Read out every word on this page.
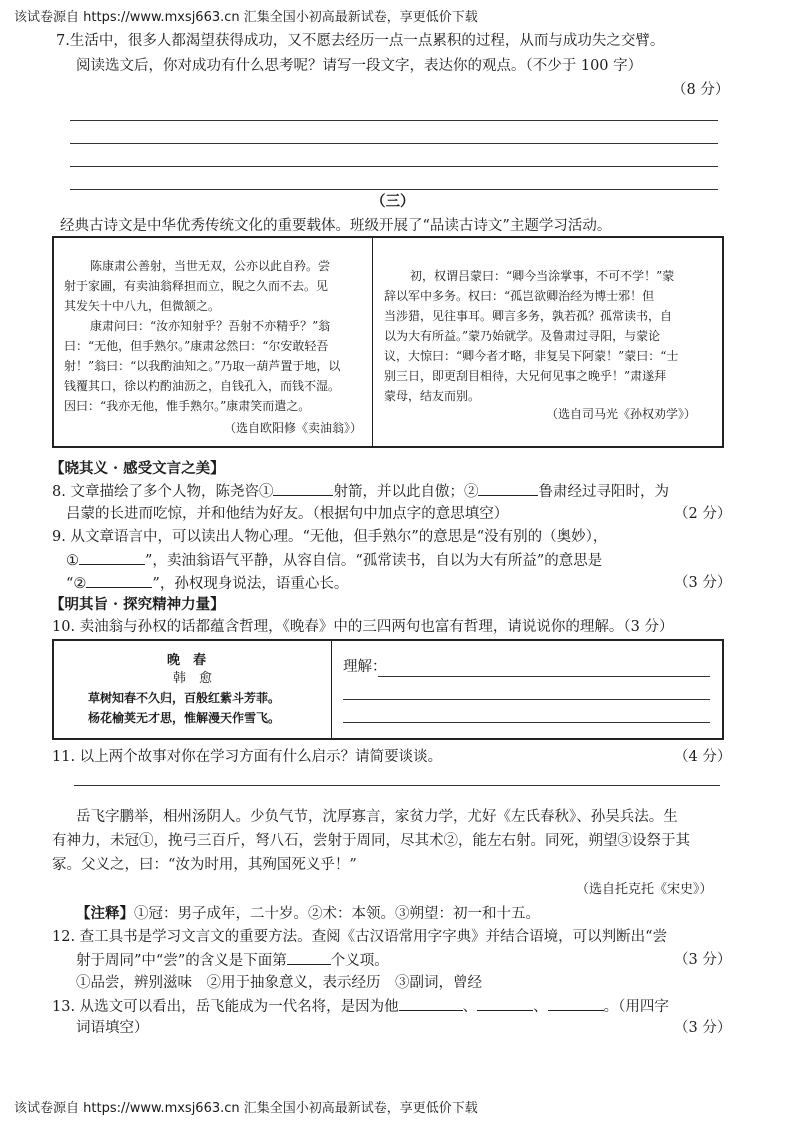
该试卷源自 https://www.mxsj663.cn 汇集全国小初高最新试卷，享更低价下载
7.生活中，很多人都渴望获得成功，又不愿去经历一点一点累积的过程，从而与成功失之交臂。
阅读选文后，你对成功有什么思考呢？请写一段文字，表达你的观点。（不少于 100 字）
（8 分）
（三）
经典古诗文是中华优秀传统文化的重要载体。班级开展了“品读古诗文”主题学习活动。
陈康肃公善射，当世无双，公亦以此自矜。尝
射于家圃，有卖油翁释担而立，睨之久而不去。见
其发矢十中八九，但微颔之。
康肃问曰：“汝亦知射乎？吾射不亦精乎？”翁
曰：“无他，但手熟尔。”康肃忿然曰：“尔安敢轻吾
射！”翁曰：“以我酌油知之。”乃取一葫芦置于地，以
钱覆其口，徐以杓酌油沥之，自钱孔入，而钱不湿。
因曰：“我亦无他，惟手熟尔。”康肃笑而遣之。
（选自欧阳修《卖油翁》）
初，权谓吕蒙曰：“卿今当涂掌事，不可不学！”蒙
辞以军中多务。权曰：“孤岂欲卿治经为博士邪！但
当涉猎，见往事耳。卿言多务，孰若孤？孤常读书，自
以为大有所益。”蒙乃始就学。及鲁肃过寻阳，与蒙论
议，大惊曰：“卿今者才略，非复吴下阿蒙！”蒙曰：“士
别三日，即更刮目相待，大兄何见事之晚乎！”肃遂拜
蒙母，结友而别。
（选自司马光《孙权劝学》）
【晓其义 · 感受文言之美】
8. 文章描绘了多个人物，陈尧咨①	射箭，并以此自傲；②	鲁肃经过寻阳时，为
吕蒙的长进而吃惊，并和他结为好友。（根据句中加点字的意思填空）	（2 分）
9. 从文章语言中，可以读出人物心理。“无他，但手熟尔”的意思是“没有别的（奥妙），
①	”，卖油翁语气平静，从容自信。“孤常读书，自以为大有所益”的意思是
“②	”，孙权现身说法，语重心长。	（3 分）
【明其旨 · 探究精神力量】
10. 卖油翁与孙权的话都蕴含哲理，《晚春》中的三四两句也富有哲理，请说说你的理解。（3 分）
晚　春
韩　愈
草树知春不久归，百般红紫斗芳菲。
杨花榆荚无才思，惟解漫天作雪飞。
理解：
11. 以上两个故事对你在学习方面有什么启示？请简要谈谈。	（4 分）
岳飞字鹏举，相州汤阴人。少负气节，沈厚寡言，家贫力学，尤好《左氏春秋》、孙吴兵法。生
有神力，未冠①，挽弓三百斤，弩八石，尝射于周同，尽其术②，能左右射。同死，朔望③设祭于其
冢。父义之，曰：“汝为时用，其殉国死义乎！”
（选自托克托《宋史》）
【注释】①冠：男子成年，二十岁。②术：本领。③朔望：初一和十五。
12. 查工具书是学习文言文的重要方法。查阅《古汉语常用字字典》并结合语境，可以判断出“尝
射于周同”中“尝”的含义是下面第	个义项。	（3 分）
①品尝，辨别滋味　②用于抽象意义，表示经历　③副词，曾经
13. 从选文可以看出，岳飞能成为一代名将，是因为他	、	、	。（用四字
词语填空）	（3 分）
该试卷源自 https://www.mxsj663.cn 汇集全国小初高最新试卷，享更低价下载
